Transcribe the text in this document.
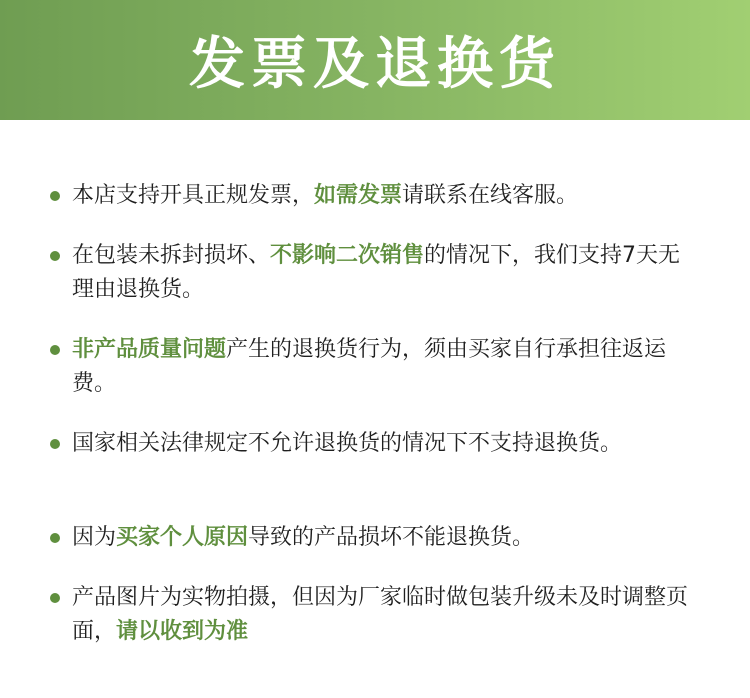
发票及退换货
本店支持开具正规发票，如需发票请联系在线客服。
在包装未拆封损坏、不影响二次销售的情况下，我们支持7天无理由退换货。
非产品质量问题产生的退换货行为，须由买家自行承担往返运费。
国家相关法律规定不允许退换货的情况下不支持退换货。
因为买家个人原因导致的产品损坏不能退换货。
产品图片为实物拍摄，但因为厂家临时做包装升级未及时调整页面，请以收到为准
